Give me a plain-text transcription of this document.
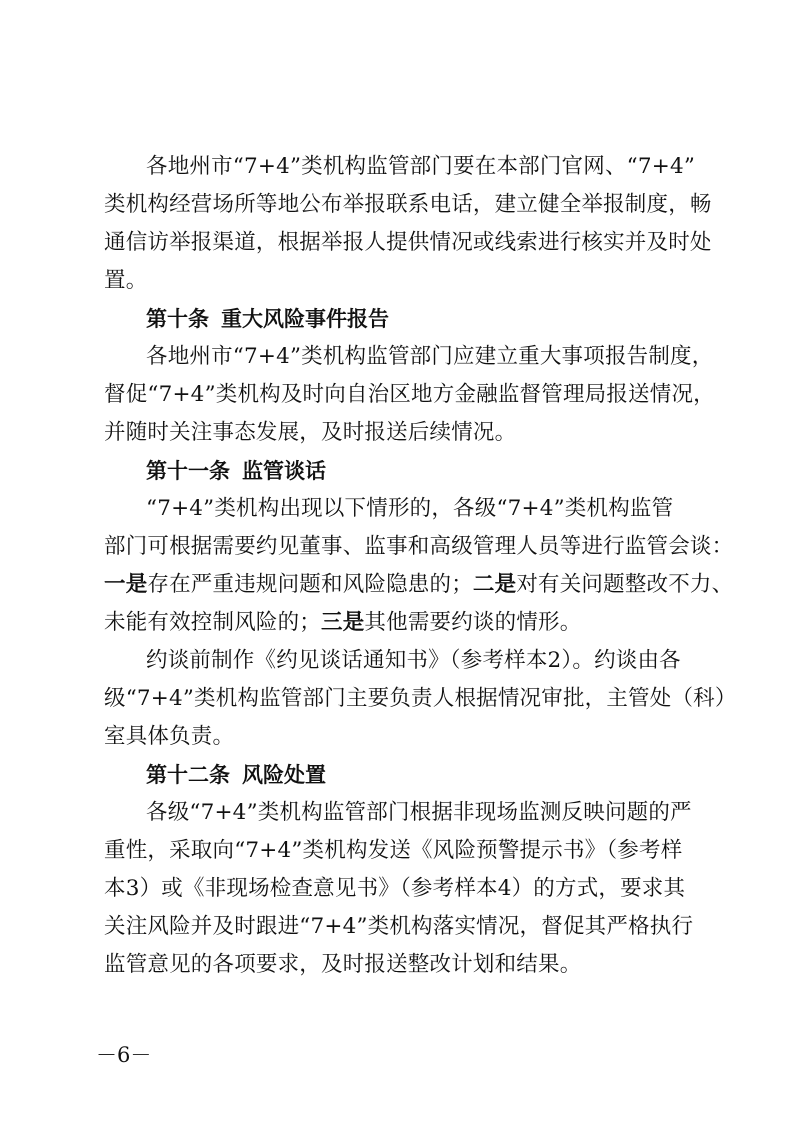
各地州市“7+4”类机构监管部门要在本部门官网、“7+4”
类机构经营场所等地公布举报联系电话，建立健全举报制度，畅
通信访举报渠道，根据举报人提供情况或线索进行核实并及时处
置。
第十条 重大风险事件报告
各地州市“7+4”类机构监管部门应建立重大事项报告制度，
督促“7+4”类机构及时向自治区地方金融监督管理局报送情况，
并随时关注事态发展，及时报送后续情况。
第十一条 监管谈话
“7+4”类机构出现以下情形的，各级“7+4”类机构监管
部门可根据需要约见董事、监事和高级管理人员等进行监管会谈：
一是存在严重违规问题和风险隐患的；二是对有关问题整改不力、
未能有效控制风险的；三是其他需要约谈的情形。
约谈前制作《约见谈话通知书》（参考样本2）。约谈由各
级“7+4”类机构监管部门主要负责人根据情况审批，主管处（科）
室具体负责。
第十二条 风险处置
各级“7+4”类机构监管部门根据非现场监测反映问题的严
重性，采取向“7+4”类机构发送《风险预警提示书》（参考样
本3）或《非现场检查意见书》（参考样本4）的方式，要求其
关注风险并及时跟进“7+4”类机构落实情况，督促其严格执行
监管意见的各项要求，及时报送整改计划和结果。
－6－
